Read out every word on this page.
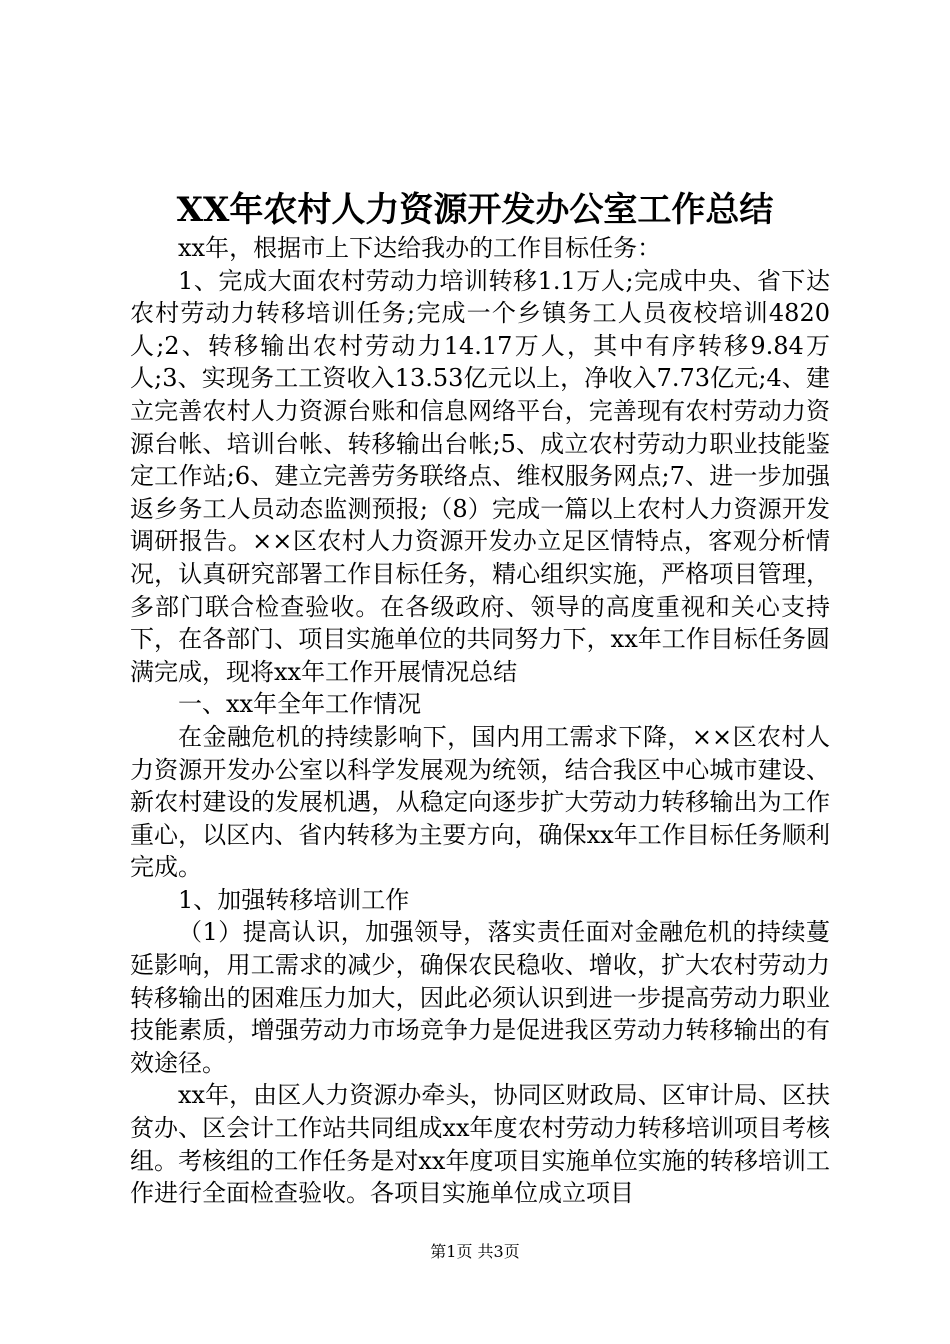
XX年农村人力资源开发办公室工作总结

xx年，根据市上下达给我办的工作目标任务：

1、完成大面农村劳动力培训转移1.1万人;完成中央、省下达农村劳动力转移培训任务;完成一个乡镇务工人员夜校培训4820人;2、转移输出农村劳动力14.17万人，其中有序转移9.84万人;3、实现务工工资收入13.53亿元以上，净收入7.73亿元;4、建立完善农村人力资源台账和信息网络平台，完善现有农村劳动力资源台帐、培训台帐、转移输出台帐;5、成立农村劳动力职业技能鉴定工作站;6、建立完善劳务联络点、维权服务网点;7、进一步加强返乡务工人员动态监测预报;（8）完成一篇以上农村人力资源开发调研报告。××区农村人力资源开发办立足区情特点，客观分析情况，认真研究部署工作目标任务，精心组织实施，严格项目管理，多部门联合检查验收。在各级政府、领导的高度重视和关心支持下，在各部门、项目实施单位的共同努力下，xx年工作目标任务圆满完成，现将xx年工作开展情况总结

一、xx年全年工作情况

在金融危机的持续影响下，国内用工需求下降，××区农村人力资源开发办公室以科学发展观为统领，结合我区中心城市建设、新农村建设的发展机遇，从稳定向逐步扩大劳动力转移输出为工作重心，以区内、省内转移为主要方向，确保xx年工作目标任务顺利完成。

1、加强转移培训工作

（1）提高认识，加强领导，落实责任面对金融危机的持续蔓延影响，用工需求的减少，确保农民稳收、增收，扩大农村劳动力转移输出的困难压力加大，因此必须认识到进一步提高劳动力职业技能素质，增强劳动力市场竞争力是促进我区劳动力转移输出的有效途径。

xx年，由区人力资源办牵头，协同区财政局、区审计局、区扶贫办、区会计工作站共同组成xx年度农村劳动力转移培训项目考核组。考核组的工作任务是对xx年度项目实施单位实施的转移培训工作进行全面检查验收。各项目实施单位成立项目

第1页 共3页
